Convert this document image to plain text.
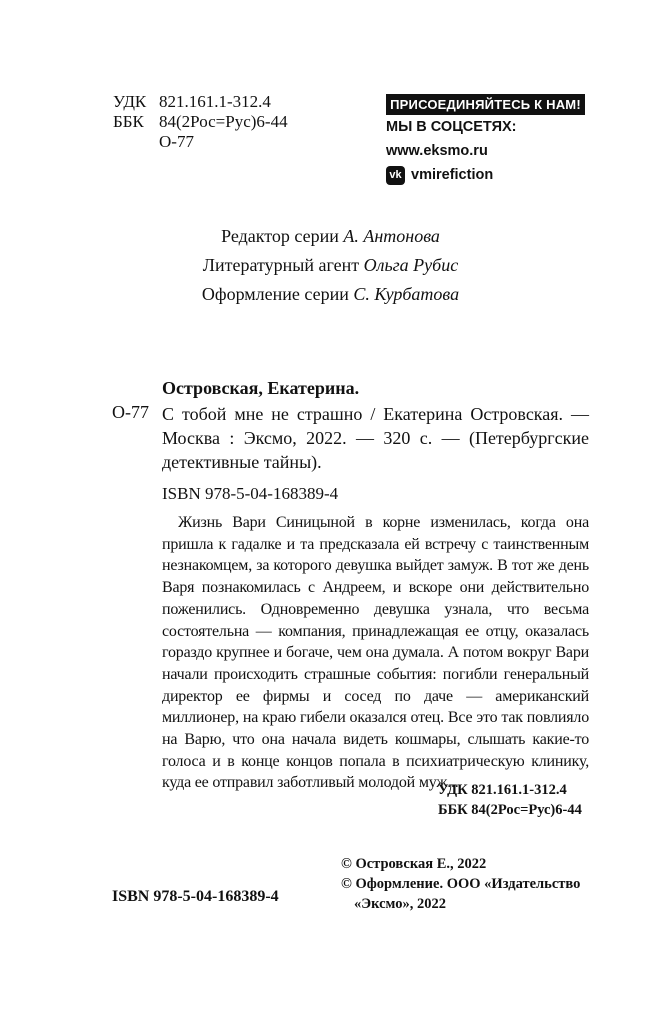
УДК 821.161.1-312.4
ББК 84(2Рос=Рус)6-44
О-77
ПРИСОЕДИНЯЙТЕСЬ К НАМ!
МЫ В СОЦСЕТЯХ:
www.eksmo.ru
vk vmirefiction
Редактор серии А. Антонова
Литературный агент Ольга Рубис
Оформление серии С. Курбатова
Островская, Екатерина.
О-77 С тобой мне не страшно / Екатерина Островская. — Москва : Эксмо, 2022. — 320 с. — (Петербургские детективные тайны).
ISBN 978-5-04-168389-4

Жизнь Вари Синицыной в корне изменилась, когда она пришла к гадалке и та предсказала ей встречу с таинственным незнакомцем, за которого девушка выйдет замуж. В тот же день Варя познакомилась с Андреем, и вскоре они действительно поженились. Одновременно девушка узнала, что весьма состоятельна — компания, принадлежащая ее отцу, оказалась гораздо крупнее и богаче, чем она думала. А потом вокруг Вари начали происходить страшные события: погибли генеральный директор ее фирмы и сосед по даче — американский миллионер, на краю гибели оказался отец. Все это так повлияло на Варю, что она начала видеть кошмары, слышать какие-то голоса и в конце концов попала в психиатрическую клинику, куда ее отправил заботливый молодой муж...

УДК 821.161.1-312.4
ББК 84(2Рос=Рус)6-44
ISBN 978-5-04-168389-4
© Островская Е., 2022
© Оформление. ООО «Издательство
«Эксмо», 2022
